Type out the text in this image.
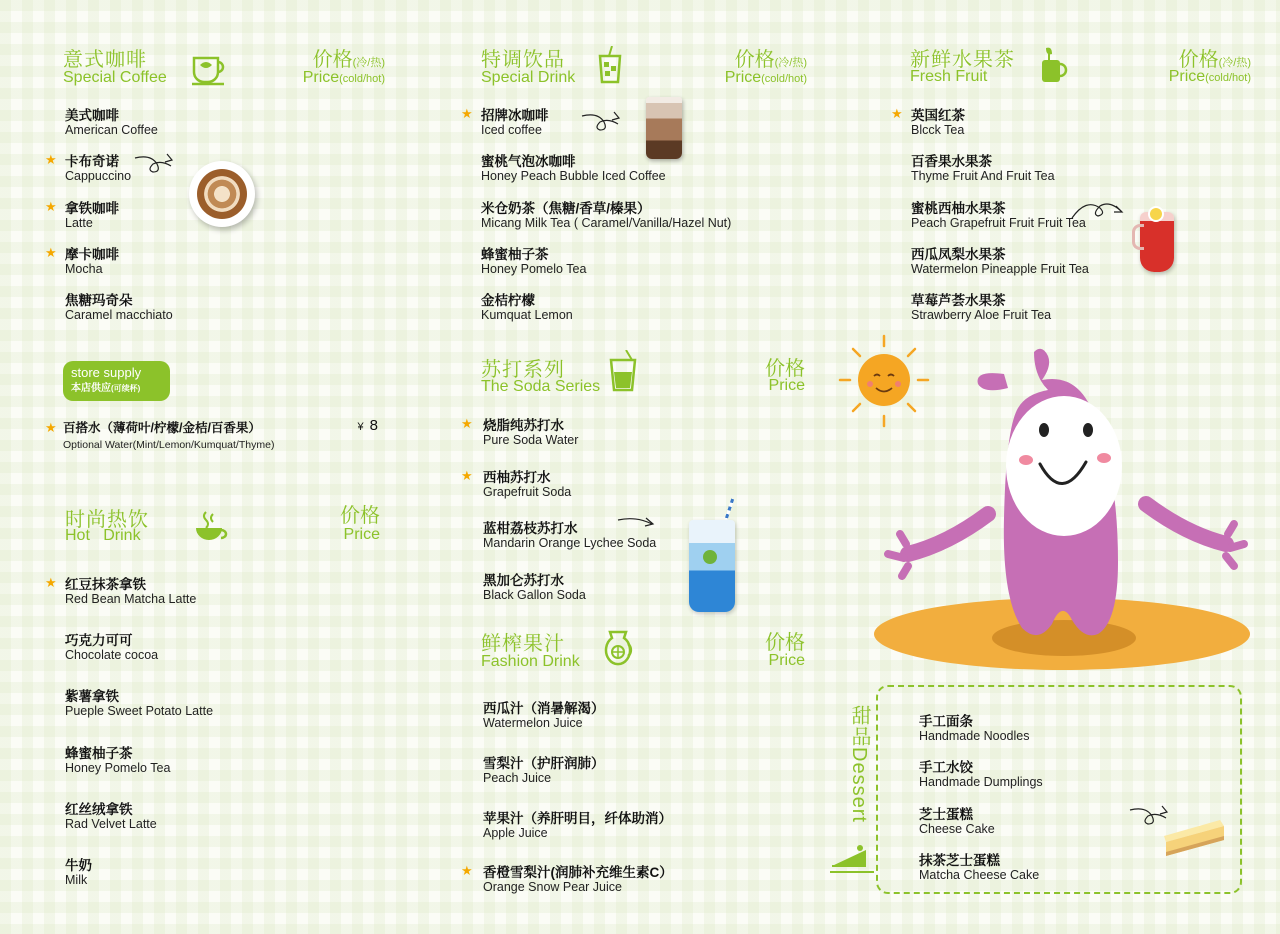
意式咖啡
Special Coffee
价格(冷/热)
Price(cold/hot)
美式咖啡
American Coffee
★ 卡布奇诺
Cappuccino
★ 拿铁咖啡
Latte
★ 摩卡咖啡
Mocha
焦糖玛奇朵
Caramel macchiato
store supply
本店供应(可续杯)
★ 百搭水（薄荷叶/柠檬/金桔/百香果）
Optional Water(Mint/Lemon/Kumquat/Thyme)
¥ 8
时尚热饮
Hot   Drink
价格
Price
★ 红豆抹茶拿铁
Red Bean Matcha Latte
巧克力可可
Chocolate cocoa
紫薯拿铁
Pueple Sweet Potato Latte
蜂蜜柚子茶
Honey Pomelo Tea
红丝绒拿铁
Rad Velvet Latte
牛奶
Milk
特调饮品
Special Drink
价格(冷/热)
Price(cold/hot)
★ 招牌冰咖啡
Iced coffee
蜜桃气泡冰咖啡
Honey Peach Bubble Iced Coffee
米仓奶茶（焦糖/香草/榛果）
Micang Milk Tea ( Caramel/Vanilla/Hazel Nut)
蜂蜜柚子茶
Honey Pomelo Tea
金桔柠檬
Kumquat Lemon
苏打系列
The Soda Series
价格
Price
★ 烧脂纯苏打水
Pure Soda Water
★ 西柚苏打水
Grapefruit Soda
蓝柑荔枝苏打水
Mandarin Orange Lychee Soda
黑加仑苏打水
Black Gallon Soda
鲜榨果汁
Fashion Drink
价格
Price
西瓜汁（消暑解渴）
Watermelon Juice
雪梨汁（护肝润肺）
Peach Juice
苹果汁（养肝明目，纤体助消）
Apple Juice
★ 香橙雪梨汁(润肺补充维生素C）
Orange Snow Pear Juice
新鲜水果茶
Fresh Fruit
价格(冷/热)
Price(cold/hot)
★ 英国红茶
Blcck Tea
百香果水果茶
Thyme Fruit And Fruit Tea
蜜桃西柚水果茶
Peach Grapefruit Fruit Fruit Tea
西瓜凤梨水果茶
Watermelon Pineapple Fruit Tea
草莓芦荟水果茶
Strawberry Aloe Fruit Tea
甜品Dessert
手工面条
Handmade Noodles
手工水饺
Handmade Dumplings
芝士蛋糕
Cheese Cake
抹茶芝士蛋糕
Matcha Cheese Cake
